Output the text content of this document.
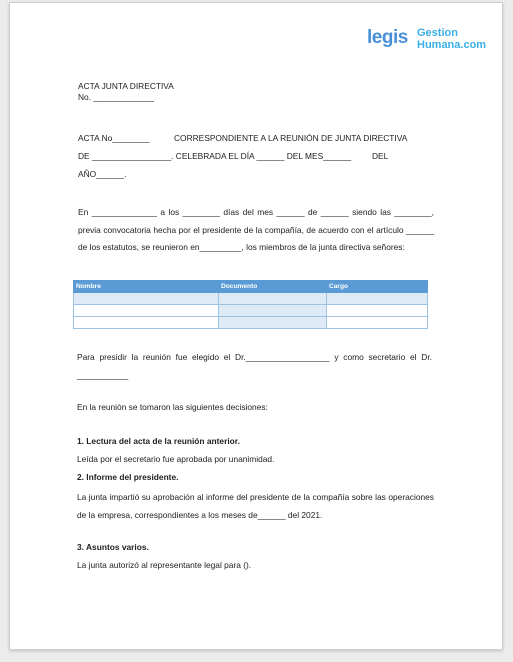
legis Gestion
Humana.com
ACTA JUNTA DIRECTIVA
No. _____________
ACTA No________	CORRESPONDIENTE A LA REUNIÓN DE JUNTA DIRECTIVA
DE _________________. CELEBRADA EL DÍA ______ DEL MES______ DEL
AÑO______.
En ______________ a los ________ días del mes ______ de ______ siendo las ________, previa convocatoria hecha por el presidente de la compañía, de acuerdo con el artículo ______ de los estatutos, se reunieron en_________, los miembros de la junta directiva señores:
Nombre	Documento	Cargo

Para presidir la reunión fue elegido el Dr.__________________ y como secretario el Dr. ___________
En la reunión se tomaron las siguientes decisiones:
1. Lectura del acta de la reunión anterior.
Leída por el secretario fue aprobada por unanimidad.
2. Informe del presidente.
La junta impartió su aprobación al informe del presidente de la compañía sobre las operaciones de la empresa, correspondientes a los meses de______ del 2021.
3. Asuntos varios.
La junta autorizó al representante legal para ().
